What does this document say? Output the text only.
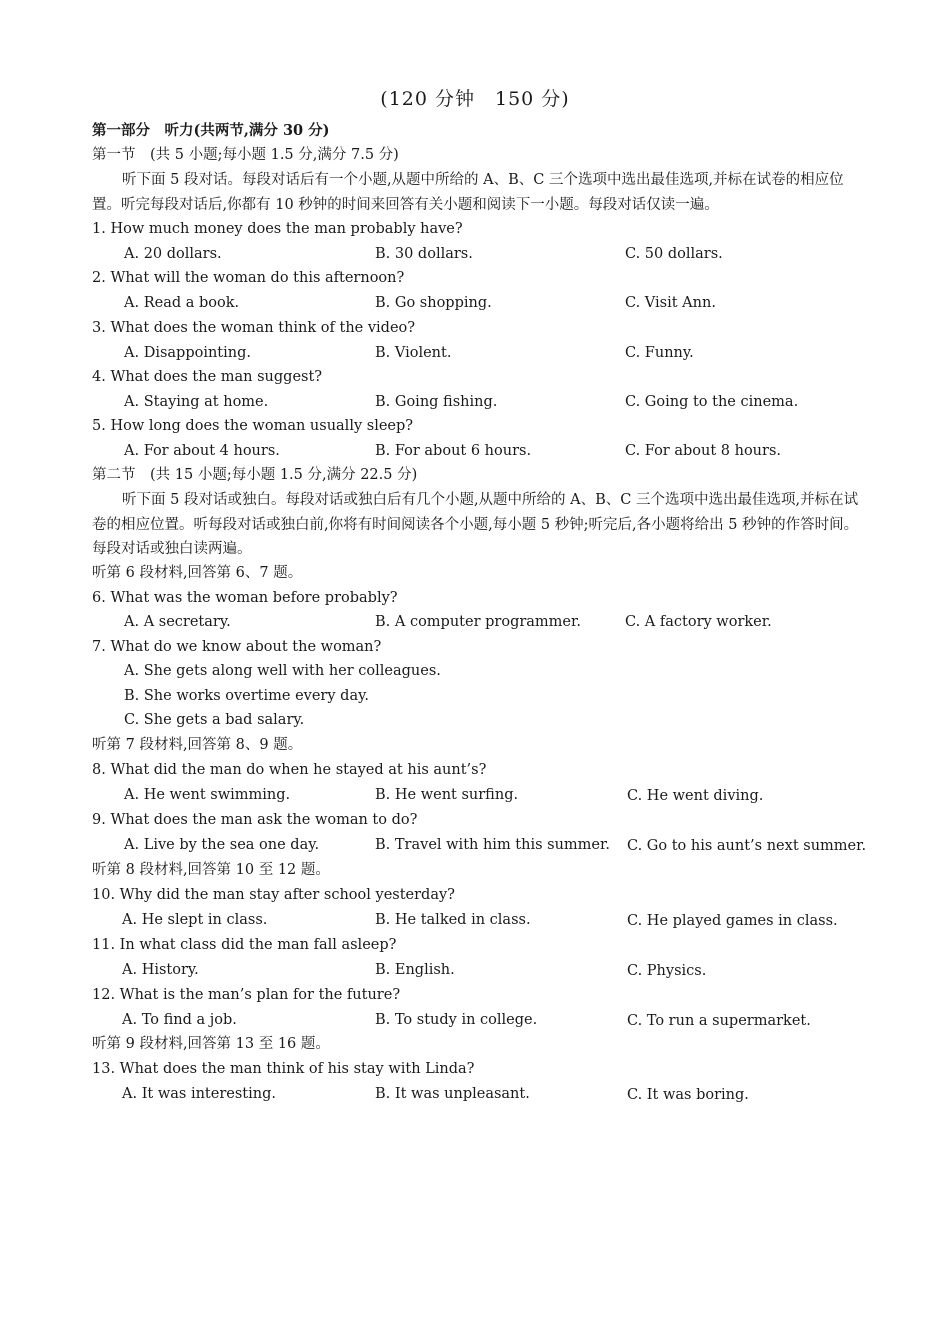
(120 分钟　150 分)
第一部分　听力(共两节,满分 30 分)
第一节　(共 5 小题;每小题 1.5 分,满分 7.5 分)
听下面 5 段对话。每段对话后有一个小题,从题中所给的 A、B、C 三个选项中选出最佳选项,并标在试卷的相应位置。听完每段对话后,你都有 10 秒钟的时间来回答有关小题和阅读下一小题。每段对话仅读一遍。
1. How much money does the man probably have?
A. 20 dollars.	B. 30 dollars.	C. 50 dollars.
2. What will the woman do this afternoon?
A. Read a book.	B. Go shopping.	C. Visit Ann.
3. What does the woman think of the video?
A. Disappointing.	B. Violent.	C. Funny.
4. What does the man suggest?
A. Staying at home.	B. Going fishing.	C. Going to the cinema.
5. How long does the woman usually sleep?
A. For about 4 hours.	B. For about 6 hours.	C. For about 8 hours.
第二节　(共 15 小题;每小题 1.5 分,满分 22.5 分)
听下面 5 段对话或独白。每段对话或独白后有几个小题,从题中所给的 A、B、C 三个选项中选出最佳选项,并标在试卷的相应位置。听每段对话或独白前,你将有时间阅读各个小题,每小题 5 秒钟;听完后,各小题将给出 5 秒钟的作答时间。每段对话或独白读两遍。
听第 6 段材料,回答第 6、7 题。
6. What was the woman before probably?
A. A secretary.	B. A computer programmer.	C. A factory worker.
7. What do we know about the woman?
A. She gets along well with her colleagues.
B. She works overtime every day.
C. She gets a bad salary.
听第 7 段材料,回答第 8、9 题。
8. What did the man do when he stayed at his aunt’s?
A. He went swimming.	B. He went surfing.	C. He went diving.
9. What does the man ask the woman to do?
A. Live by the sea one day.	B. Travel with him this summer. C. Go to his aunt’s next summer.
听第 8 段材料,回答第 10 至 12 题。
10. Why did the man stay after school yesterday?
A. He slept in class.	B. He talked in class.	C. He played games in class.
11. In what class did the man fall asleep?
A. History.	B. English.	C. Physics.
12. What is the man’s plan for the future?
A. To find a job.	B. To study in college.	C. To run a supermarket.
听第 9 段材料,回答第 13 至 16 题。
13. What does the man think of his stay with Linda?
A. It was interesting.	B. It was unpleasant.	C. It was boring.
